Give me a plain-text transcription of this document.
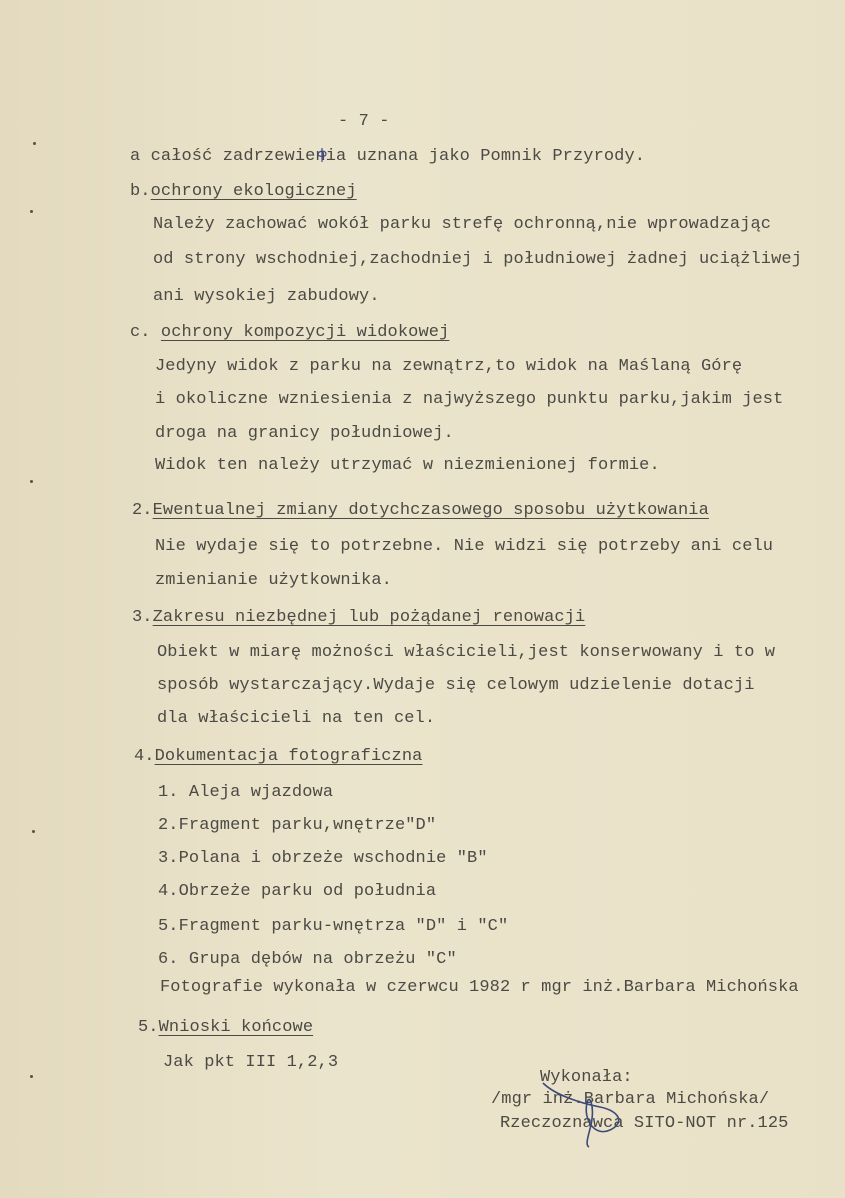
- 7 -
a całość zadrzewienia uznana jako Pomnik Przyrody.
b.ochrony ekologicznej
Należy zachować wokół parku strefę ochronną,nie wprowadzając
od strony wschodniej,zachodniej i południowej żadnej uciążliwej
ani wysokiej zabudowy.
c. ochrony kompozycji widokowej
Jedyny widok z parku na zewnątrz,to widok na Maślaną Górę
i okoliczne wzniesienia z najwyższego punktu parku,jakim jest
droga na granicy południowej.
Widok ten należy utrzymać w niezmienionej formie.
2.Ewentualnej zmiany dotychczasowego sposobu użytkowania
Nie wydaje się to potrzebne. Nie widzi się potrzeby ani celu
zmienianie użytkownika.
3.Zakresu niezbędnej lub pożądanej renowacji
Obiekt w miarę możności właścicieli,jest konserwowany i to w
sposób wystarczający.Wydaje się celowym udzielenie dotacji
dla właścicieli na ten cel.
4.Dokumentacja fotograficzna
1. Aleja wjazdowa
2.Fragment parku,wnętrze"D"
3.Polana i obrzeże wschodnie "B"
4.Obrzeże parku od południa
5.Fragment parku-wnętrza "D" i "C"
6. Grupa dębów na obrzeżu "C"
Fotografie wykonała w czerwcu 1982 r mgr inż.Barbara Michońska
5.Wnioski końcowe
Jak pkt III 1,2,3
Wykonała:
/mgr inż.Barbara Michońska/
Rzeczoznawca SITO-NOT nr.125
